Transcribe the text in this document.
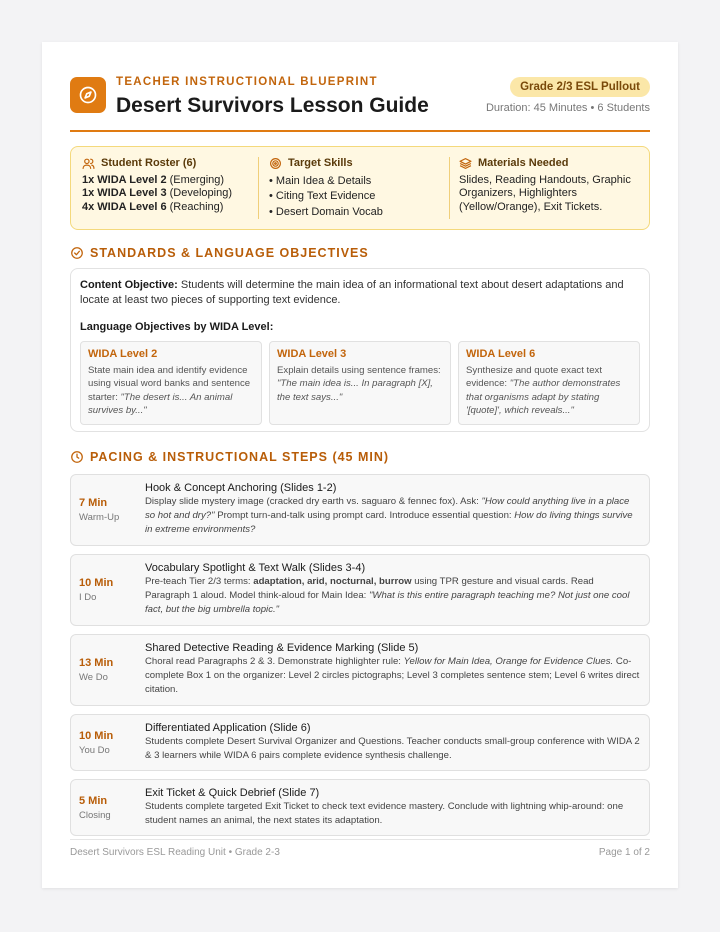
TEACHER INSTRUCTIONAL BLUEPRINT
Desert Survivors Lesson Guide
Grade 2/3 ESL Pullout
Duration: 45 Minutes • 6 Students
Student Roster (6)
1x WIDA Level 2 (Emerging)
1x WIDA Level 3 (Developing)
4x WIDA Level 6 (Reaching)
Target Skills
• Main Idea & Details
• Citing Text Evidence
• Desert Domain Vocab
Materials Needed
Slides, Reading Handouts, Graphic Organizers, Highlighters (Yellow/Orange), Exit Tickets.
STANDARDS & LANGUAGE OBJECTIVES
Content Objective: Students will determine the main idea of an informational text about desert adaptations and locate at least two pieces of supporting text evidence.
Language Objectives by WIDA Level:
WIDA Level 2
State main idea and identify evidence using visual word banks and sentence starter: "The desert is... An animal survives by..."
WIDA Level 3
Explain details using sentence frames: "The main idea is... In paragraph [X], the text says..."
WIDA Level 6
Synthesize and quote exact text evidence: "The author demonstrates that organisms adapt by stating '[quote]', which reveals..."
PACING & INSTRUCTIONAL STEPS (45 MIN)
7 Min
Warm-Up
Hook & Concept Anchoring (Slides 1-2)
Display slide mystery image (cracked dry earth vs. saguaro & fennec fox). Ask: "How could anything live in a place so hot and dry?" Prompt turn-and-talk using prompt card. Introduce essential question: How do living things survive in extreme environments?
10 Min
I Do
Vocabulary Spotlight & Text Walk (Slides 3-4)
Pre-teach Tier 2/3 terms: adaptation, arid, nocturnal, burrow using TPR gesture and visual cards. Read Paragraph 1 aloud. Model think-aloud for Main Idea: "What is this entire paragraph teaching me? Not just one cool fact, but the big umbrella topic."
13 Min
We Do
Shared Detective Reading & Evidence Marking (Slide 5)
Choral read Paragraphs 2 & 3. Demonstrate highlighter rule: Yellow for Main Idea, Orange for Evidence Clues. Co-complete Box 1 on the organizer: Level 2 circles pictographs; Level 3 completes sentence stem; Level 6 writes direct citation.
10 Min
You Do
Differentiated Application (Slide 6)
Students complete Desert Survival Organizer and Questions. Teacher conducts small-group conference with WIDA 2 & 3 learners while WIDA 6 pairs complete evidence synthesis challenge.
5 Min
Closing
Exit Ticket & Quick Debrief (Slide 7)
Students complete targeted Exit Ticket to check text evidence mastery. Conclude with lightning whip-around: one student names an animal, the next states its adaptation.
Desert Survivors ESL Reading Unit • Grade 2-3	Page 1 of 2
